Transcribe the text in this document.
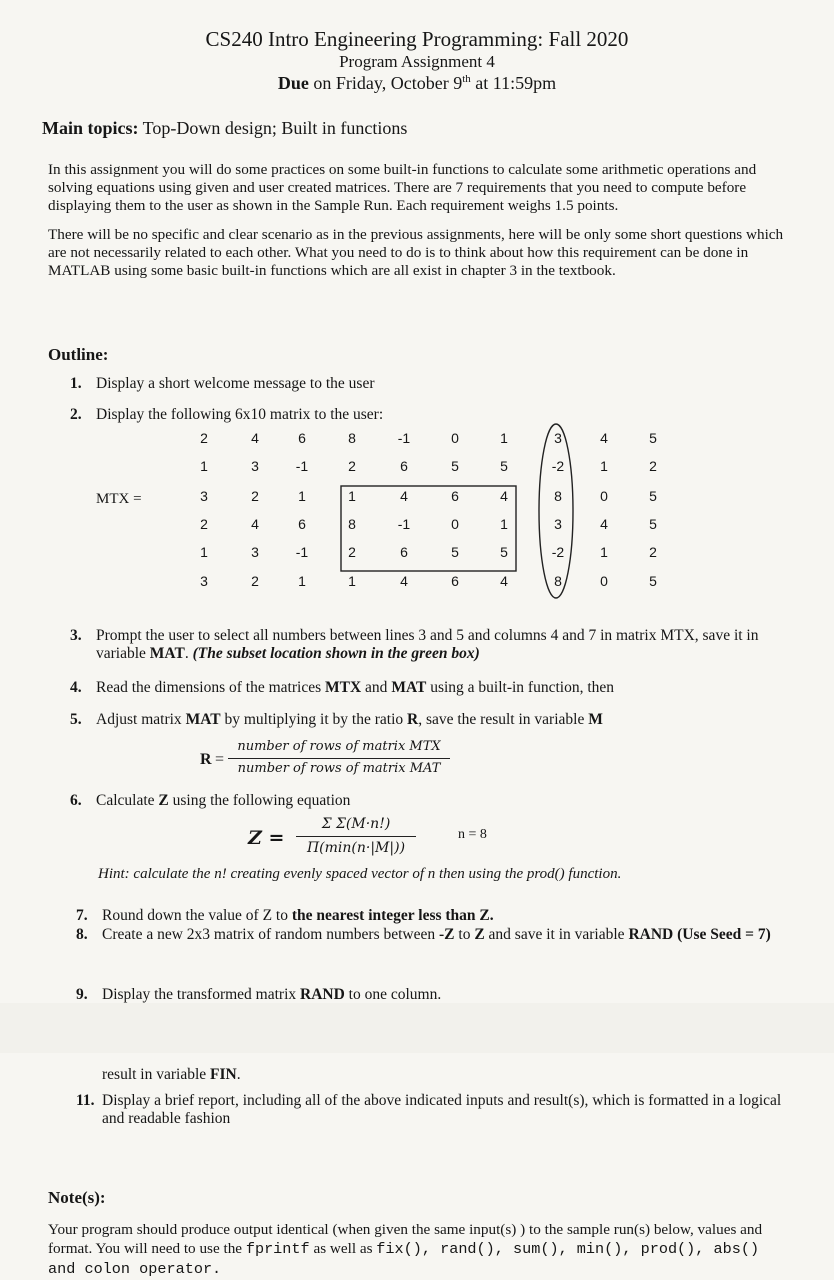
CS240 Intro Engineering Programming: Fall 2020
Program Assignment 4
Due on Friday, October 9th at 11:59pm
Main topics: Top-Down design; Built in functions
In this assignment you will do some practices on some built-in functions to calculate some arithmetic operations and solving equations using given and user created matrices. There are 7 requirements that you need to compute before displaying them to the user as shown in the Sample Run. Each requirement weighs 1.5 points.
There will be no specific and clear scenario as in the previous assignments, here will be only some short questions which are not necessarily related to each other. What you need to do is to think about how this requirement can be done in MATLAB using some basic built-in functions which are all exist in chapter 3 in the textbook.
Outline:
1. Display a short welcome message to the user
2. Display the following 6x10 matrix to the user:
MTX =
2	4	6	8	-1	0	1	3	4	5
1	3	-1	2	6	5	5	-2	1	2
3	2	1	1	4	6	4	8	0	5
2	4	6	8	-1	0	1	3	4	5
1	3	-1	2	6	5	5	-2	1	2
3	2	1	1	4	6	4	8	0	5
3. Prompt the user to select all numbers between lines 3 and 5 and columns 4 and 7 in matrix MTX, save it in variable MAT. (The subset location shown in the green box)
4. Read the dimensions of the matrices MTX and MAT using a built-in function, then
5. Adjust matrix MAT by multiplying it by the ratio R, save the result in variable M
R =
number of rows of matrix MTX
number of rows of matrix MAT
6. Calculate Z using the following equation
Z =
Σ Σ(M·n!)
Π(min(n·|M|))
n = 8
Hint: calculate the n! creating evenly spaced vector of n then using the prod() function.
7. Round down the value of Z to the nearest integer less than Z.
8. Create a new 2x3 matrix of random numbers between -Z to Z and save it in variable RAND (Use Seed = 7)
9. Display the transformed matrix RAND to one column.
result in variable FIN.
11. Display a brief report, including all of the above indicated inputs and result(s), which is formatted in a logical and readable fashion
Note(s):
Your program should produce output identical (when given the same input(s) ) to the sample run(s) below, values and format. You will need to use the fprintf as well as fix(), rand(), sum(), min(), prod(), abs() and colon operator.
